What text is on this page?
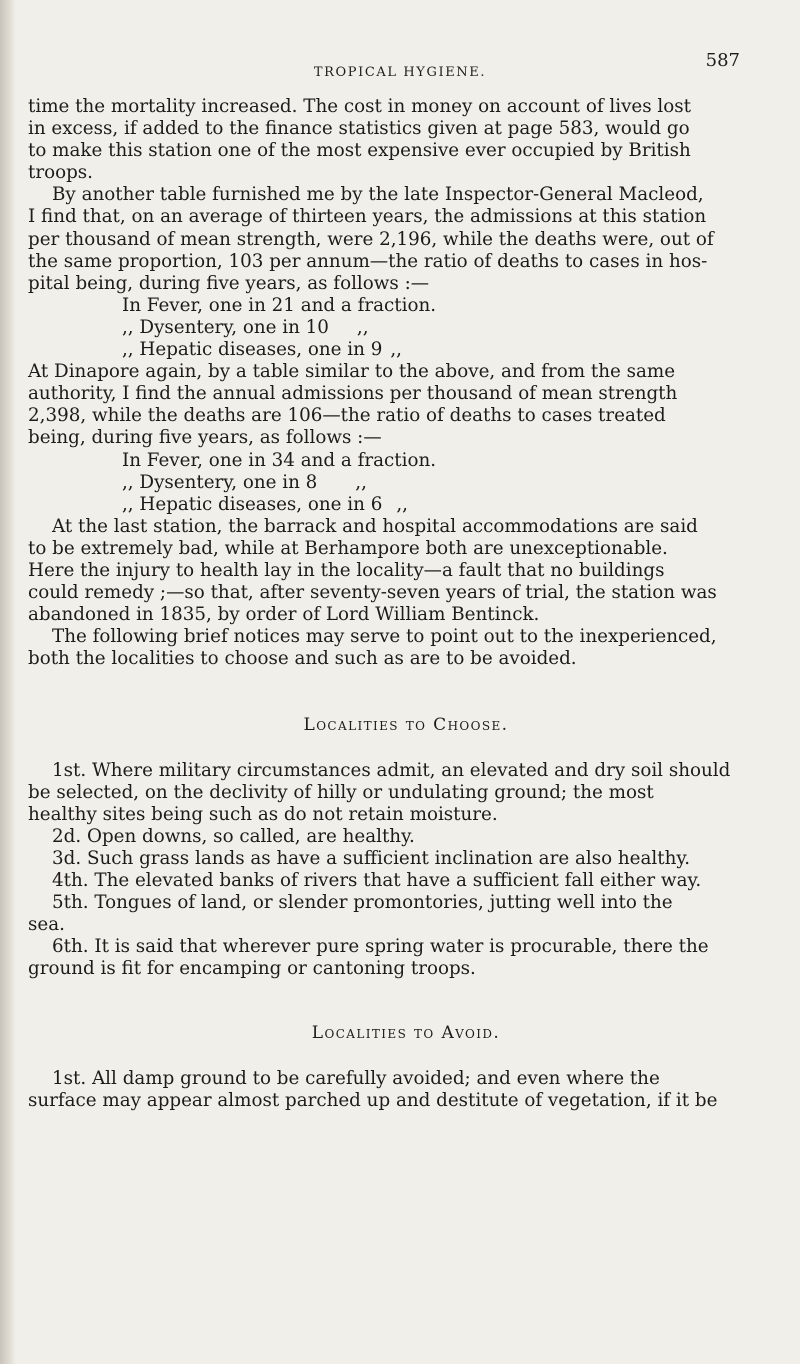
TROPICAL HYGIENE.
587

time the mortality increased. The cost in money on account of lives lost
in excess, if added to the finance statistics given at page 583, would go
to make this station one of the most expensive ever occupied by British
troops.

By another table furnished me by the late Inspector-General Macleod,
I find that, on an average of thirteen years, the admissions at this station
per thousand of mean strength, were 2,196, while the deaths were, out of
the same proportion, 103 per annum—the ratio of deaths to cases in hos-
pital being, during five years, as follows :—

In Fever, one in 21 and a fraction.

,, Dysentery, one in 10 ,,

,, Hepatic diseases, one in 9 ,,

At Dinapore again, by a table similar to the above, and from the same
authority, I find the annual admissions per thousand of mean strength
2,398, while the deaths are 106—the ratio of deaths to cases treated
being, during five years, as follows :—

In Fever, one in 34 and a fraction.

,, Dysentery, one in 8 ,,

,, Hepatic diseases, one in 6 ,,

At the last station, the barrack and hospital accommodations are said
to be extremely bad, while at Berhampore both are unexceptionable.
Here the injury to health lay in the locality—a fault that no buildings
could remedy ;—so that, after seventy-seven years of trial, the station was
abandoned in 1835, by order of Lord William Bentinck.

The following brief notices may serve to point out to the inexperienced,
both the localities to choose and such as are to be avoided.

Localities to Choose.

1st. Where military circumstances admit, an elevated and dry soil should
be selected, on the declivity of hilly or undulating ground; the most
healthy sites being such as do not retain moisture.

2d. Open downs, so called, are healthy.

3d. Such grass lands as have a sufficient inclination are also healthy.

4th. The elevated banks of rivers that have a sufficient fall either way.

5th. Tongues of land, or slender promontories, jutting well into the
sea.

6th. It is said that wherever pure spring water is procurable, there the
ground is fit for encamping or cantoning troops.

Localities to Avoid.

1st. All damp ground to be carefully avoided; and even where the
surface may appear almost parched up and destitute of vegetation, if it be
